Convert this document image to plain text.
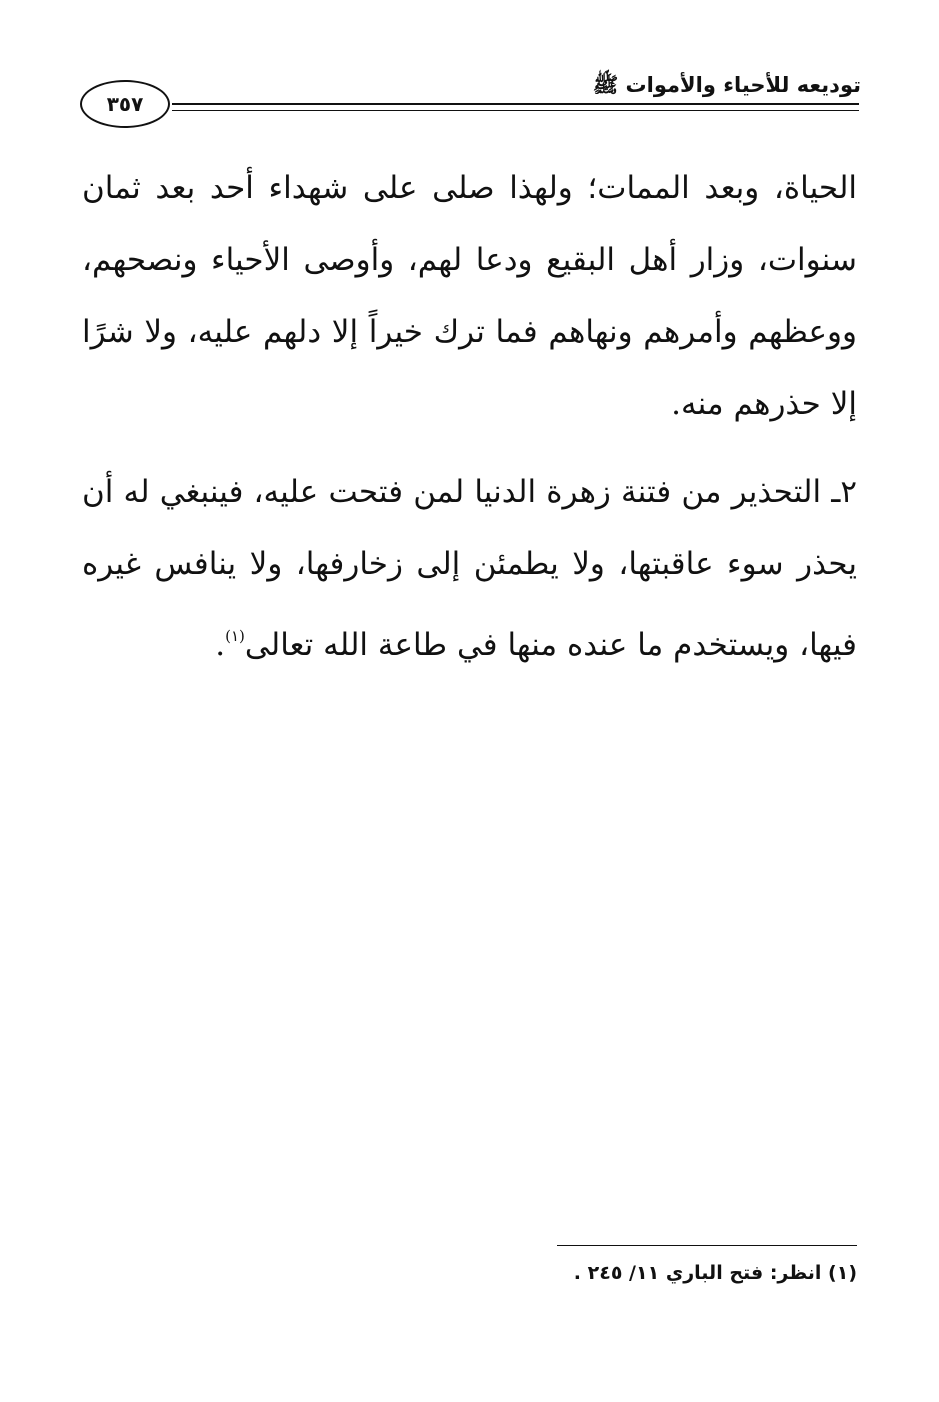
توديعه للأحياء والأموات ﷺ
٣٥٧

الحياة، وبعد الممات؛ ولهذا صلى على شهداء أحد بعد ثمان سنوات، وزار أهل البقيع ودعا لهم، وأوصى الأحياء ونصحهم، ووعظهم وأمرهم ونهاهم فما ترك خيراً إلا دلهم عليه، ولا شرًا إلا حذرهم منه.

٢ـ التحذير من فتنة زهرة الدنيا لمن فتحت عليه، فينبغي له أن يحذر سوء عاقبتها، ولا يطمئن إلى زخارفها، ولا ينافس غيره فيها، ويستخدم ما عنده منها في طاعة الله تعالى$^{(١)}$.

(١) انظر: فتح الباري ١١/ ٢٤٥ .
